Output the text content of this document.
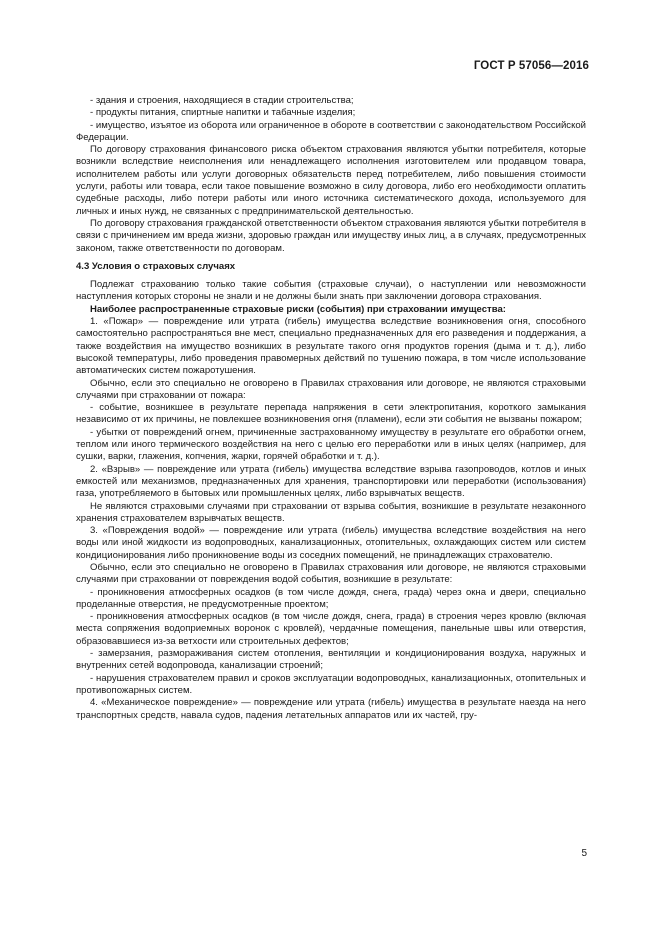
ГОСТ Р 57056—2016

- здания и строения, находящиеся в стадии строительства;

- продукты питания, спиртные напитки и табачные изделия;

- имущество, изъятое из оборота или ограниченное в обороте в соответствии с законодательством Российской Федерации.

По договору страхования финансового риска объектом страхования являются убытки потребителя, которые возникли вследствие неисполнения или ненадлежащего исполнения изготовителем или продавцом товара, исполнителем работы или услуги договорных обязательств перед потребителем, либо повышения стоимости услуги, работы или товара, если такое повышение возможно в силу договора, либо его необходимости оплатить судебные расходы, либо потери работы или иного источника систематического дохода, используемого для личных и иных нужд, не связанных с предпринимательской деятельностью.

По договору страхования гражданской ответственности объектом страхования являются убытки потребителя в связи с причинением им вреда жизни, здоровью граждан или имуществу иных лиц, а в случаях, предусмотренных законом, также ответственности по договорам.

4.3 Условия о страховых случаях

Подлежат страхованию только такие события (страховые случаи), о наступлении или невозможности наступления которых стороны не знали и не должны были знать при заключении договора страхования.

Наиболее распространенные страховые риски (события) при страховании имущества:

1. «Пожар» — повреждение или утрата (гибель) имущества вследствие возникновения огня, способного самостоятельно распространяться вне мест, специально предназначенных для его разведения и поддержания, а также воздействия на имущество возникших в результате такого огня продуктов горения (дыма и т. д.), либо высокой температуры, либо проведения правомерных действий по тушению пожара, в том числе использование автоматических систем пожаротушения.

Обычно, если это специально не оговорено в Правилах страхования или договоре, не являются страховыми случаями при страховании от пожара:

- событие, возникшее в результате перепада напряжения в сети электропитания, короткого замыкания независимо от их причины, не повлекшее возникновения огня (пламени), если эти события не вызваны пожаром;

- убытки от повреждений огнем, причиненные застрахованному имуществу в результате его обработки огнем, теплом или иного термического воздействия на него с целью его переработки или в иных целях (например, для сушки, варки, глажения, копчения, жарки, горячей обработки и т. д.).

2. «Взрыв» — повреждение или утрата (гибель) имущества вследствие взрыва газопроводов, котлов и иных емкостей или механизмов, предназначенных для хранения, транспортировки или переработки (использования) газа, употребляемого в бытовых или промышленных целях, либо взрывчатых веществ.

Не являются страховыми случаями при страховании от взрыва события, возникшие в результате незаконного хранения страхователем взрывчатых веществ.

3. «Повреждения водой» — повреждение или утрата (гибель) имущества вследствие воздействия на него воды или иной жидкости из водопроводных, канализационных, отопительных, охлаждающих систем или систем кондиционирования либо проникновение воды из соседних помещений, не принадлежащих страхователю.

Обычно, если это специально не оговорено в Правилах страхования или договоре, не являются страховыми случаями при страховании от повреждения водой события, возникшие в результате:

- проникновения атмосферных осадков (в том числе дождя, снега, града) через окна и двери, специально проделанные отверстия, не предусмотренные проектом;

- проникновения атмосферных осадков (в том числе дождя, снега, града) в строения через кровлю (включая места сопряжения водоприемных воронок с кровлей), чердачные помещения, панельные швы или отверстия, образовавшиеся из-за ветхости или строительных дефектов;

- замерзания, размораживания систем отопления, вентиляции и кондиционирования воздуха, наружных и внутренних сетей водопровода, канализации строений;

- нарушения страхователем правил и сроков эксплуатации водопроводных, канализационных, отопительных и противопожарных систем.

4. «Механическое повреждение» — повреждение или утрата (гибель) имущества в результате наезда на него транспортных средств, навала судов, падения летательных аппаратов или их частей, гру-

5
